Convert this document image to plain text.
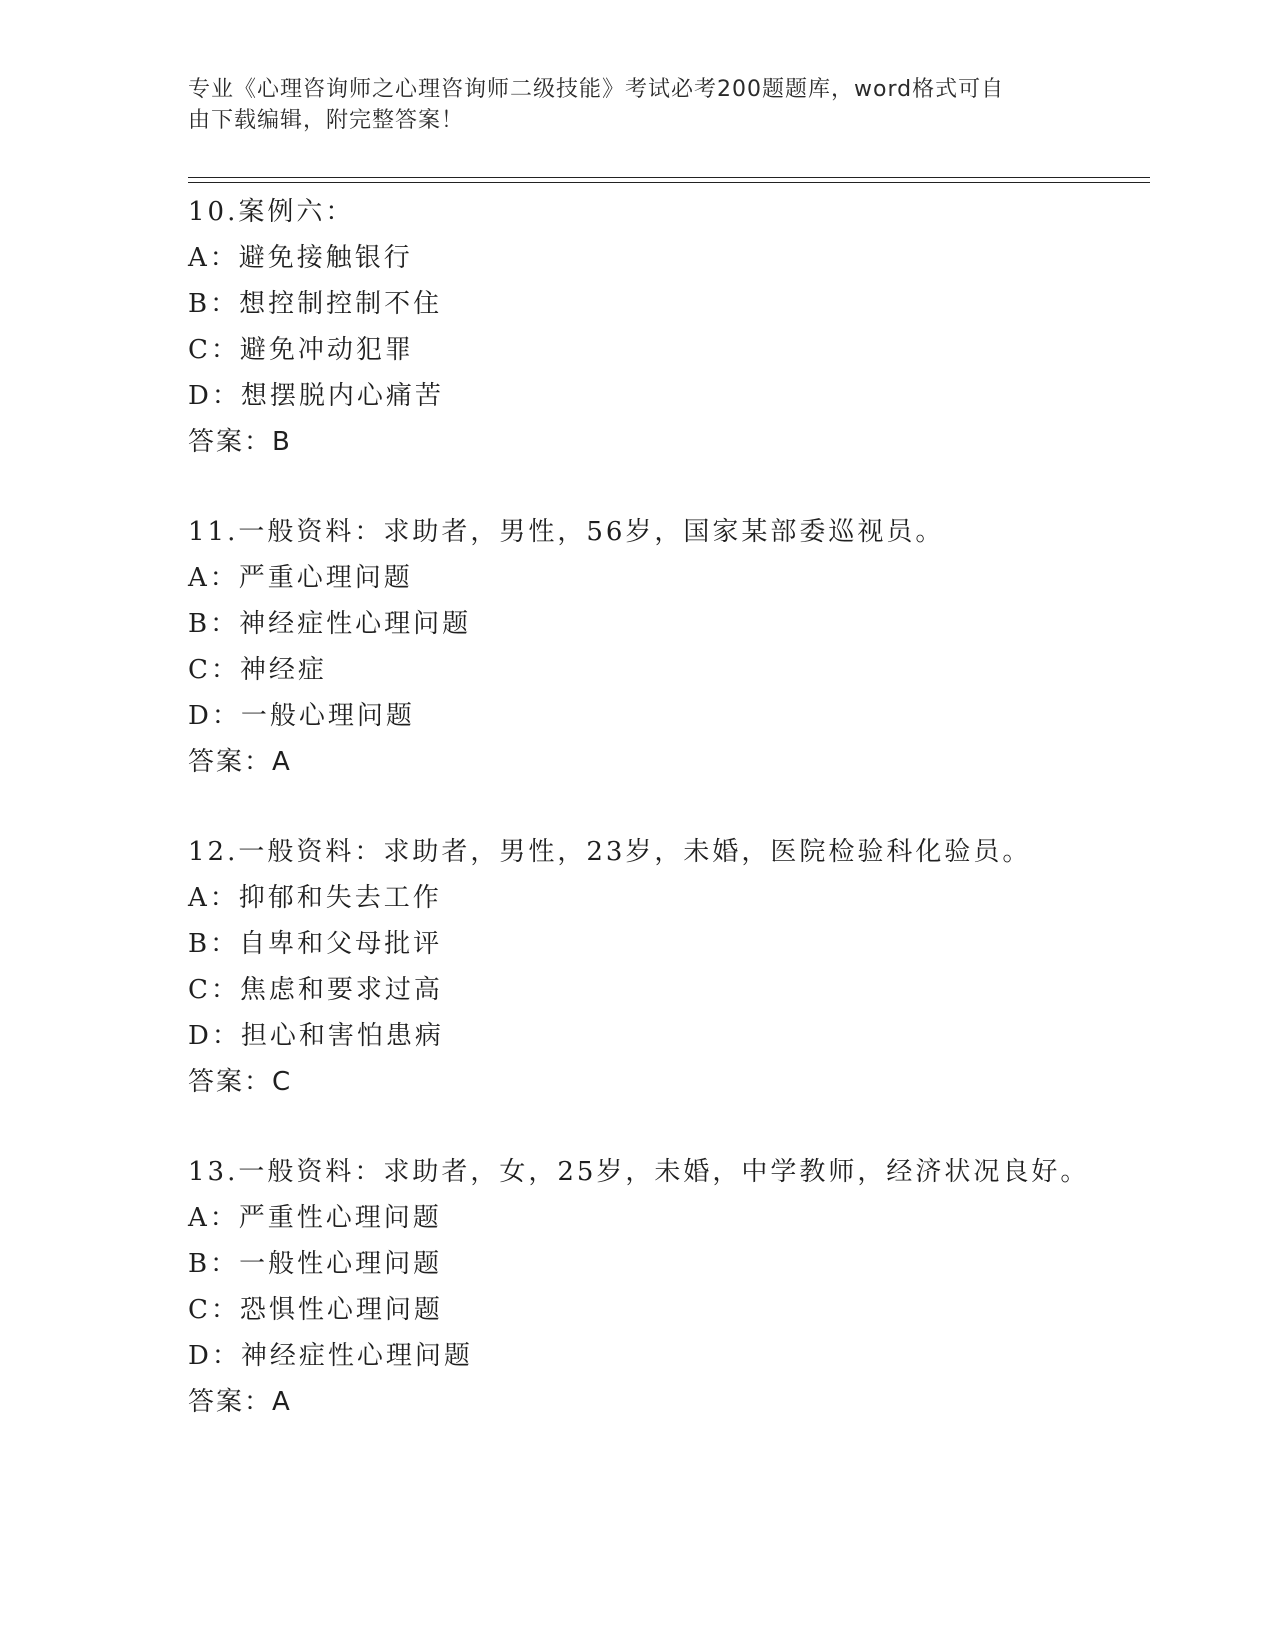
专业《心理咨询师之心理咨询师二级技能》考试必考200题题库，word格式可自
由下载编辑，附完整答案！
10.案例六：
A：避免接触银行
B：想控制控制不住
C：避免冲动犯罪
D：想摆脱内心痛苦
答案：B
11.一般资料：求助者，男性，56岁，国家某部委巡视员。
A：严重心理问题
B：神经症性心理问题
C：神经症
D：一般心理问题
答案：A
12.一般资料：求助者，男性，23岁，未婚，医院检验科化验员。
A：抑郁和失去工作
B：自卑和父母批评
C：焦虑和要求过高
D：担心和害怕患病
答案：C
13.一般资料：求助者，女，25岁，未婚，中学教师，经济状况良好。
A：严重性心理问题
B：一般性心理问题
C：恐惧性心理问题
D：神经症性心理问题
答案：A
